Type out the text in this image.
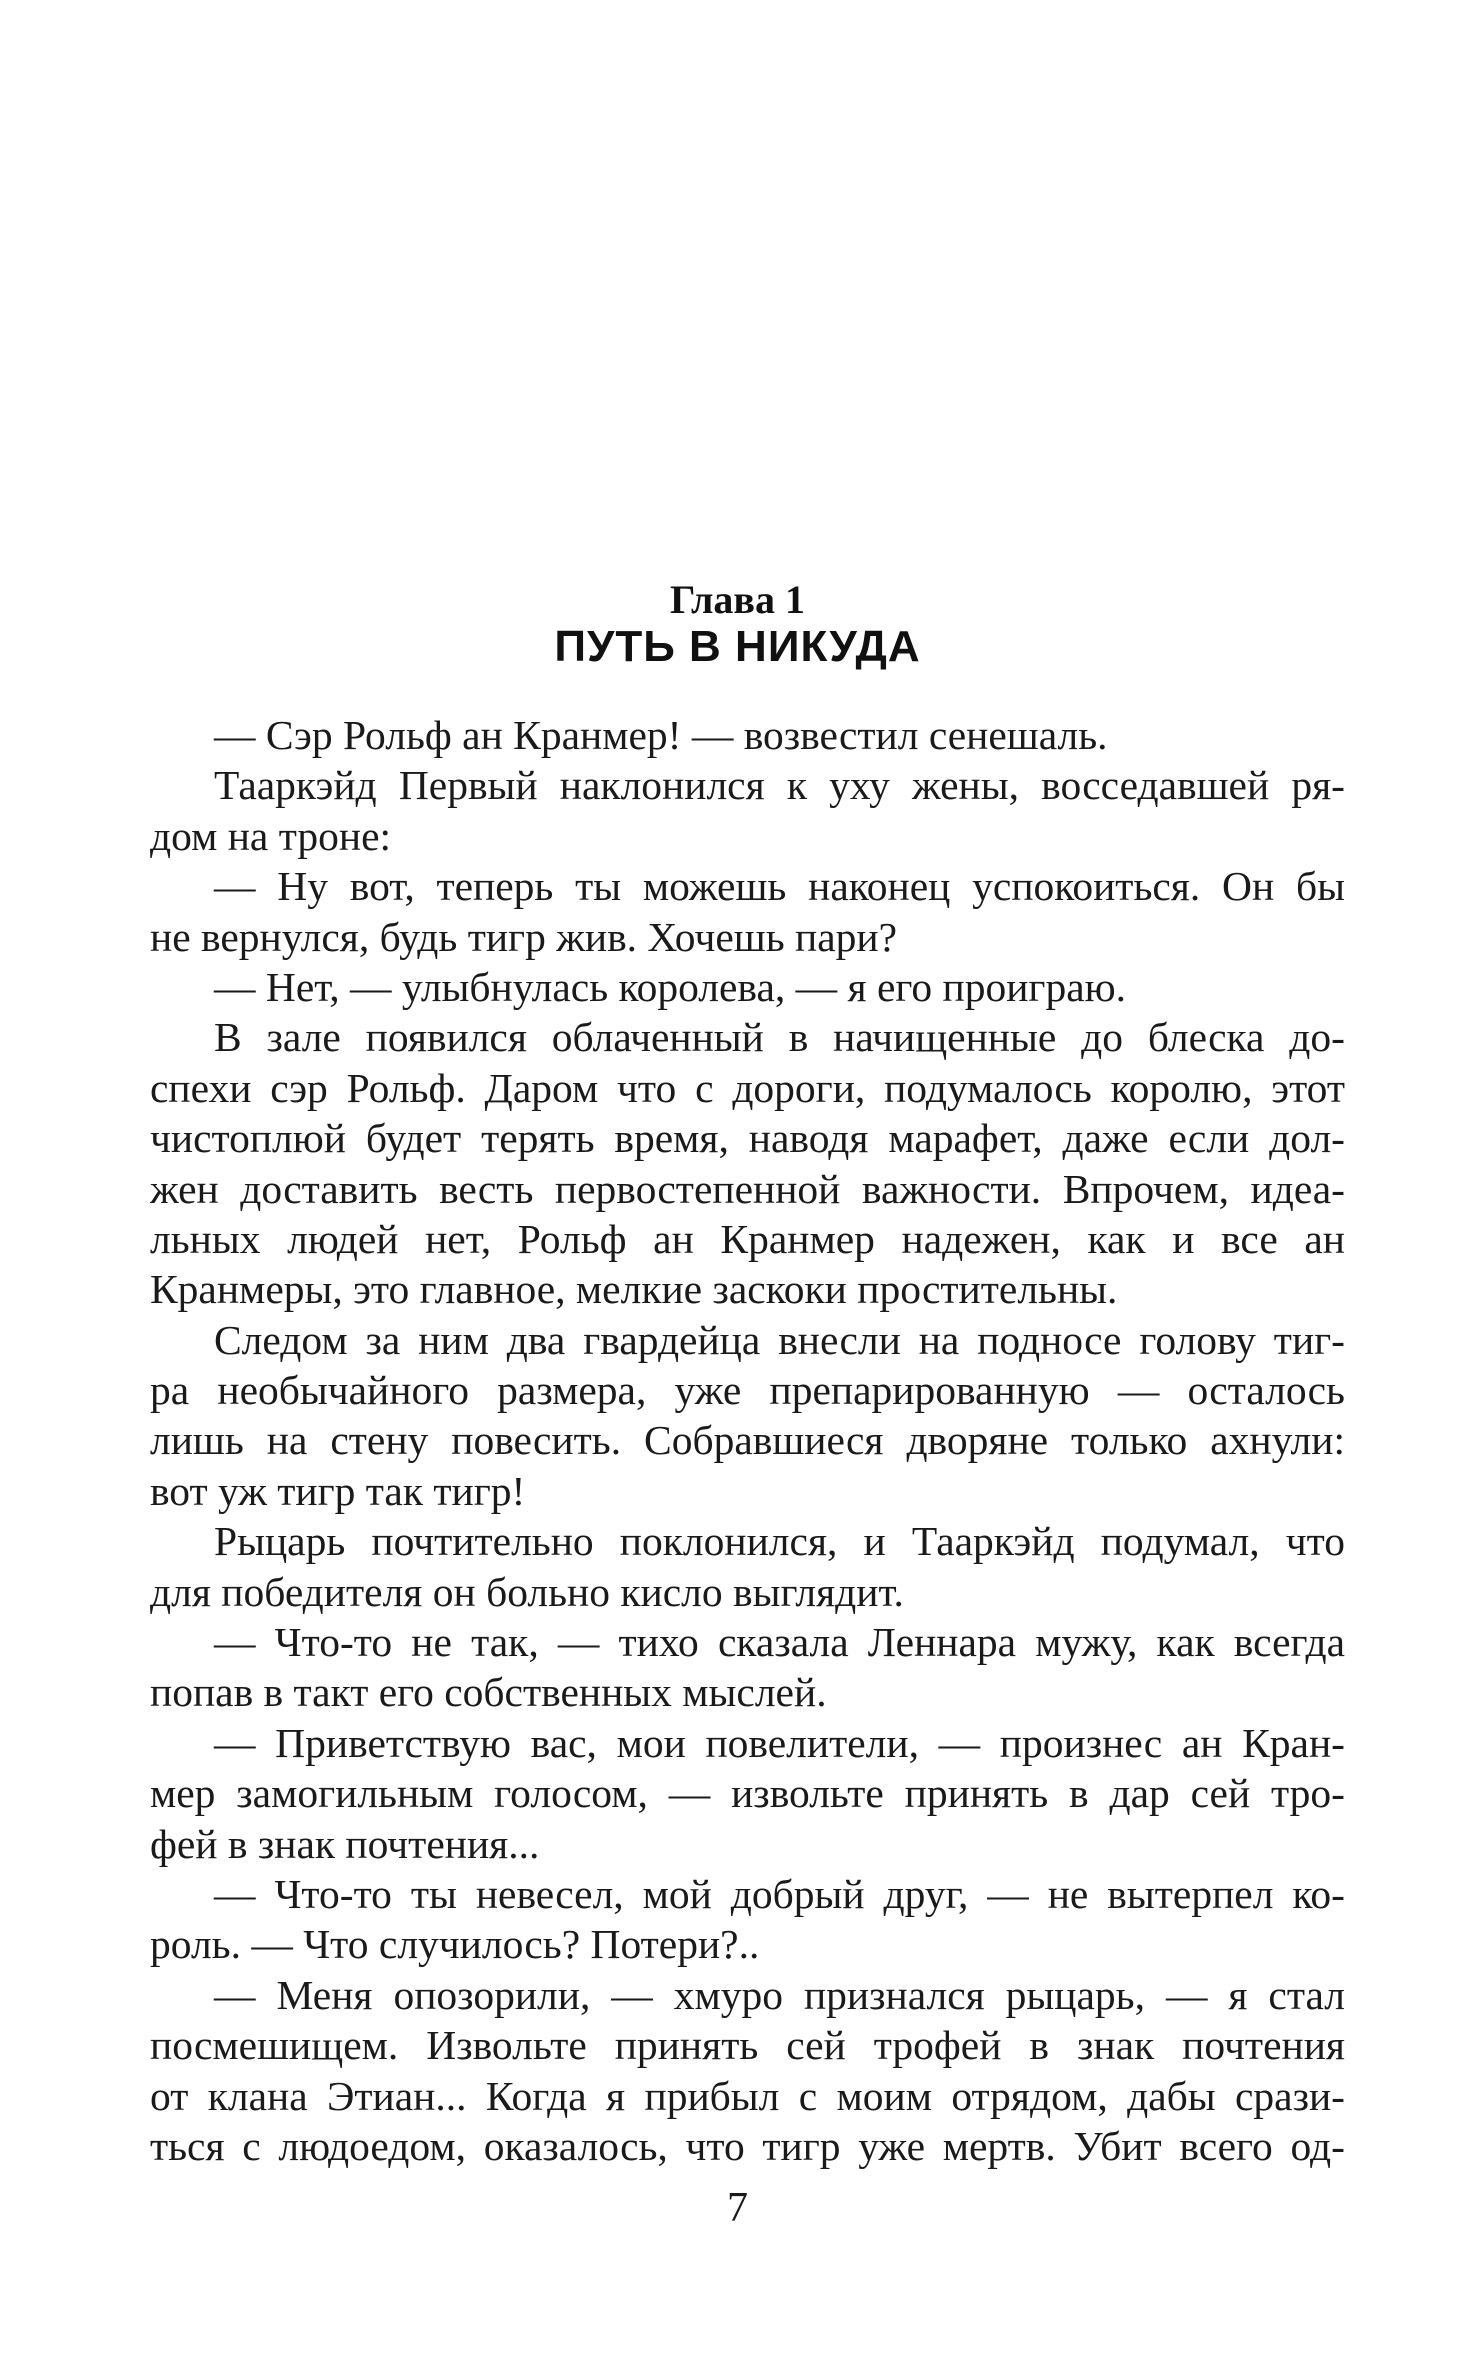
Глава 1
ПУТЬ В НИКУДА
— Сэр Рольф ан Кранмер! — возвестил сенешаль.
Тааркэйд Первый наклонился к уху жены, восседавшей ря-
дом на троне:
— Ну вот, теперь ты можешь наконец успокоиться. Он бы
не вернулся, будь тигр жив. Хочешь пари?
— Нет, — улыбнулась королева, — я его проиграю.
В зале появился облаченный в начищенные до блеска до-
спехи сэр Рольф. Даром что с дороги, подумалось королю, этот
чистоплюй будет терять время, наводя марафет, даже если дол-
жен доставить весть первостепенной важности. Впрочем, идеа-
льных людей нет, Рольф ан Кранмер надежен, как и все ан
Кранмеры, это главное, мелкие заскоки простительны.
Следом за ним два гвардейца внесли на подносе голову тиг-
ра необычайного размера, уже препарированную — осталось
лишь на стену повесить. Собравшиеся дворяне только ахнули:
вот уж тигр так тигр!
Рыцарь почтительно поклонился, и Тааркэйд подумал, что
для победителя он больно кисло выглядит.
— Что-то не так, — тихо сказала Леннара мужу, как всегда
попав в такт его собственных мыслей.
— Приветствую вас, мои повелители, — произнес ан Кран-
мер замогильным голосом, — извольте принять в дар сей тро-
фей в знак почтения...
— Что-то ты невесел, мой добрый друг, — не вытерпел ко-
роль. — Что случилось? Потери?..
— Меня опозорили, — хмуро признался рыцарь, — я стал
посмешищем. Извольте принять сей трофей в знак почтения
от клана Этиан... Когда я прибыл с моим отрядом, дабы срази-
ться с людоедом, оказалось, что тигр уже мертв. Убит всего од-
7
